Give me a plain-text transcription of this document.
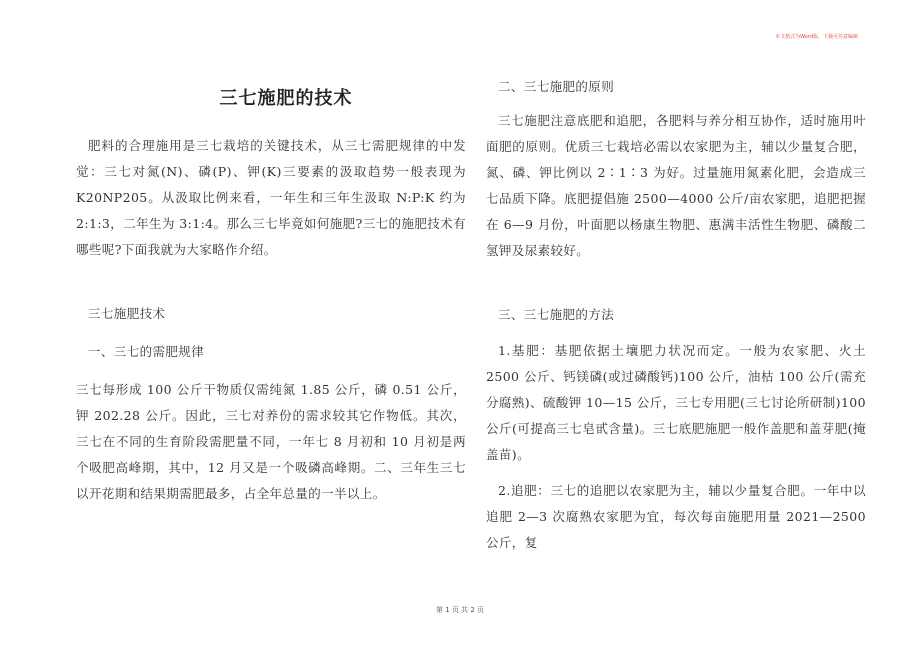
本文格式为Word版，下载可任意编辑
三七施肥的技术

肥料的合理施用是三七栽培的关键技术，从三七需肥规律的中发觉：三七对氮(N)、磷(P)、钾(K)三要素的汲取趋势一般表现为 K20NP205。从汲取比例来看，一年生和三年生汲取 N:P:K 约为 2:1:3，二年生为 3:1:4。那么三七毕竟如何施肥?三七的施肥技术有哪些呢?下面我就为大家略作介绍。

三七施肥技术

一、三七的需肥规律

三七每形成 100 公斤干物质仅需纯氮 1.85 公斤，磷 0.51 公斤，钾 202.28 公斤。因此，三七对养份的需求较其它作物低。其次，三七在不同的生育阶段需肥量不同，一年七 8 月初和 10 月初是两个吸肥高峰期，其中，12 月又是一个吸磷高峰期。二、三年生三七以开花期和结果期需肥最多，占全年总量的一半以上。

二、三七施肥的原则

三七施肥注意底肥和追肥，各肥料与养分相互协作，适时施用叶面肥的原则。优质三七栽培必需以农家肥为主，辅以少量复合肥，氮、磷、钾比例以 2∶1∶3 为好。过量施用氮素化肥，会造成三七品质下降。底肥提倡施 2500—4000 公斤/亩农家肥，追肥把握在 6—9 月份，叶面肥以杨康生物肥、惠满丰活性生物肥、磷酸二氢钾及尿素较好。

三、三七施肥的方法

1.基肥：基肥依据土壤肥力状况而定。一般为农家肥、火土 2500 公斤、钙镁磷(或过磷酸钙)100 公斤，油枯 100 公斤(需充分腐熟)、硫酸钾 10—15 公斤，三七专用肥(三七讨论所研制)100 公斤(可提高三七皂甙含量)。三七底肥施肥一般作盖肥和盖芽肥(掩盖苗)。

2.追肥：三七的追肥以农家肥为主，辅以少量复合肥。一年中以追肥 2—3 次腐熟农家肥为宜，每次每亩施肥用量 2021—2500 公斤，复

第 1 页 共 2 页
